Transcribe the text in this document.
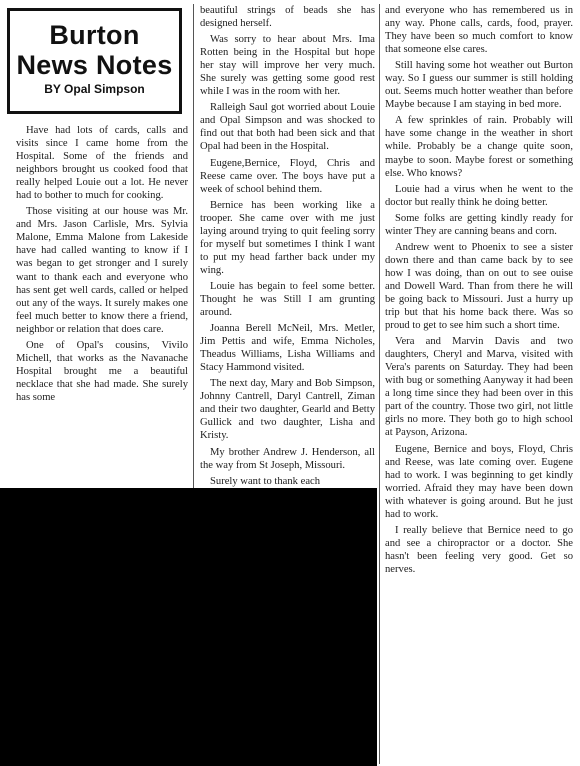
Burton
News Notes
BY Opal Simpson

Have had lots of cards, calls and visits since I came home from the Hospital. Some of the friends and neighbors brought us cooked food that really helped Louie out a lot. He never had to bother to much for cooking.

Those visiting at our house was Mr. and Mrs. Jason Carlisle, Mrs. Sylvia Malone, Emma Malone from Lakeside have had called wanting to know if I was began to get stronger and I surely want to thank each and everyone who has sent get well cards, called or helped out any of the ways. It surely makes one feel much better to know there a friend, neighbor or relation that does care.

One of Opal's cousins, Vivilo Michell, that works as the Navanache Hospital brought me a beautiful necklace that she had made. She surely has some

beautiful strings of beads she has designed herself.

Was sorry to hear about Mrs. Ima Rotten being in the Hospital but hope her stay will improve her very much. She surely was getting some good rest while I was in the room with her.

Ralleigh Saul got worried about Louie and Opal Simpson and was shocked to find out that both had been sick and that Opal had been in the Hospital.

Eugene,Bernice, Floyd, Chris and Reese came over. The boys have put a week of school behind them.

Bernice has been working like a trooper. She came over with me just laying around trying to quit feeling sorry for myself but sometimes I think I want to put my head farther back under my wing.

Louie has begain to feel some better. Thought he was Still I am grunting around.

Joanna Berell McNeil, Mrs. Metler, Jim Pettis and wife, Emma Nicholes, Theadus Williams, Lisha Williams and Stacy Hammond visited.

The next day, Mary and Bob Simpson, Johnny Cantrell, Daryl Cantrell, Ziman and their two daughter, Gearld and Betty Gullick and two daughter, Lisha and Kristy.

My brother Andrew J. Henderson, all the way from St Joseph, Missouri.

Surely want to thank each

and everyone who has remembered us in any way. Phone calls, cards, food, prayer. They have been so much comfort to know that someone else cares.

Still having some hot weather out Burton way. So I guess our summer is still holding out. Seems much hotter weather than before Maybe because I am staying in bed more.

A few sprinkles of rain. Probably will have some change in the weather in short while. Probably be a change quite soon, maybe to soon. Maybe forest or something else. Who knows?

Louie had a virus when he went to the doctor but really think he doing better.

Some folks are getting kindly ready for winter They are canning beans and corn.

Andrew went to Phoenix to see a sister down there and than came back by to see how I was doing, than on out to see ouise and Dowell Ward. Than from there he will be going back to Missouri. Just a hurry up trip but that his home back there. Was so proud to get to see him such a short time.

Vera and Marvin Davis and two daughters, Cheryl and Marva, visited with Vera's parents on Saturday. They had been with bug or something Aanyway it had been a long time since they had been over in this part of the country. Those two girl, not little girls no more. They both go to high school at Payson, Arizona.

Eugene, Bernice and boys, Floyd, Chris and Reese, was late coming over. Eugene had to work. I was beginning to get kindly worried. Afraid they may have been down with whatever is going around. But he just had to work.

I really believe that Bernice need to go and see a chiropractor or a doctor. She hasn't been feeling very good. Get so nerves.
